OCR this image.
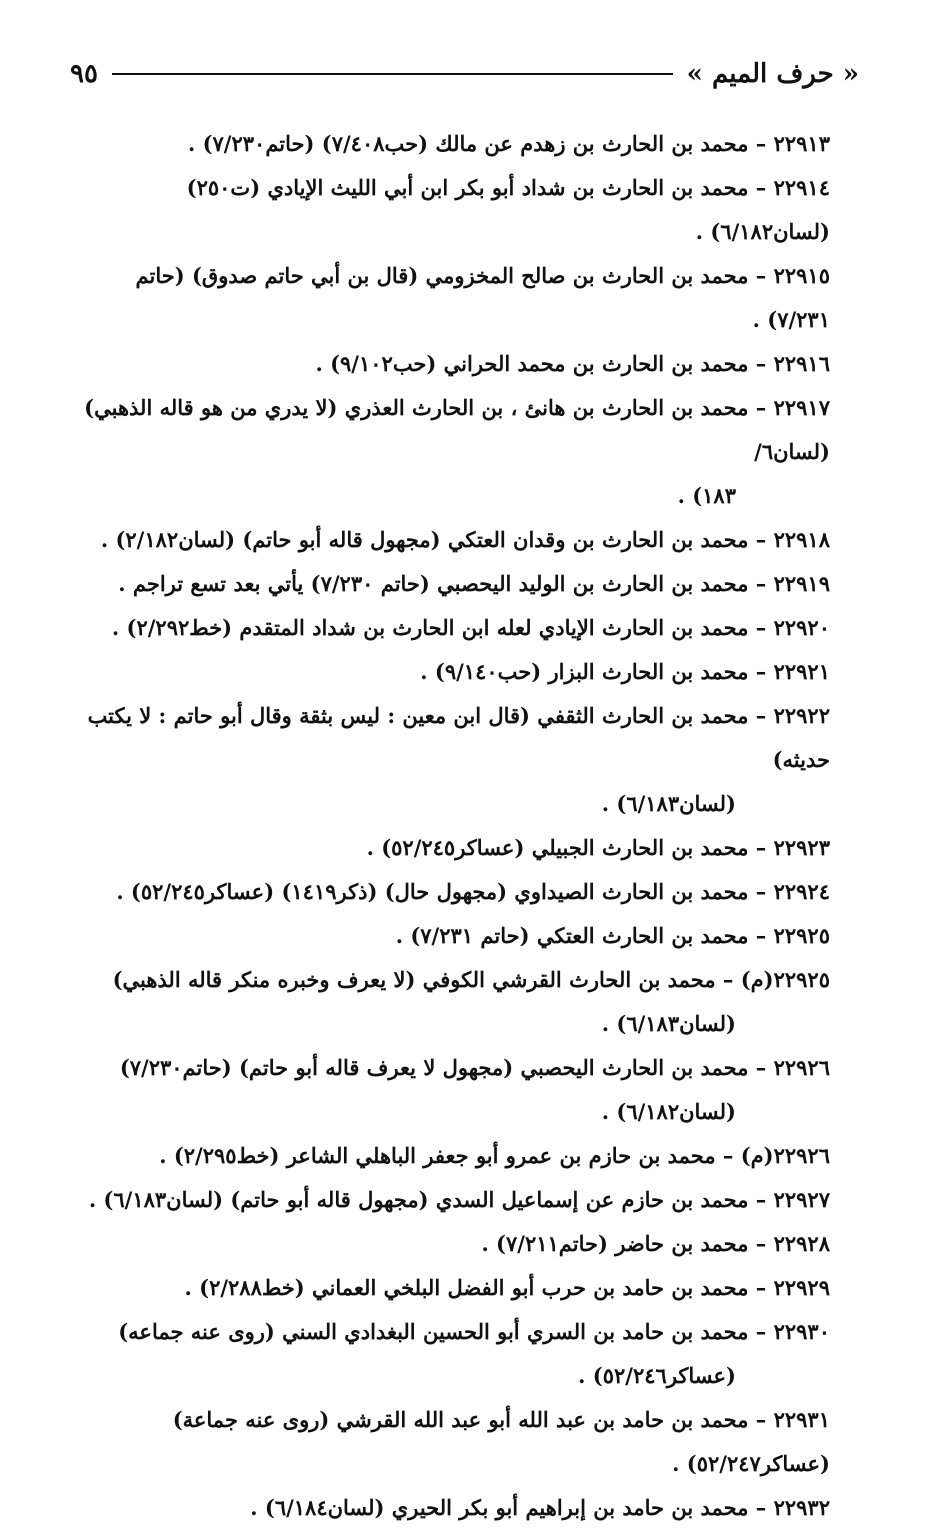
« حرف الميم »
٩٥

٢٢٩١٣ – محمد بن الحارث بن زهدم عن مالك (حب٧/٤٠٨) (حاتم٧/٢٣٠) .

٢٢٩١٤ – محمد بن الحارث بن شداد أبو بكر ابن أبي الليث الإيادي (ت٢٥٠) (لسان٦/١٨٢) .

٢٢٩١٥ – محمد بن الحارث بن صالح المخزومي (قال بن أبي حاتم صدوق) (حاتم ٧/٢٣١) .

٢٢٩١٦ – محمد بن الحارث بن محمد الحراني (حب٩/١٠٢) .

٢٢٩١٧ – محمد بن الحارث بن هانئ ، بن الحارث العذري (لا يدري من هو قاله الذهبي) (لسان٦/
١٨٣) .

٢٢٩١٨ – محمد بن الحارث بن وقدان العتكي (مجهول قاله أبو حاتم) (لسان٢/١٨٢) .

٢٢٩١٩ – محمد بن الحارث بن الوليد اليحصبي (حاتم ٧/٢٣٠) يأتي بعد تسع تراجم .

٢٢٩٢٠ – محمد بن الحارث الإيادي لعله ابن الحارث بن شداد المتقدم (خط٢/٢٩٢) .

٢٢٩٢١ – محمد بن الحارث البزار (حب٩/١٤٠) .

٢٢٩٢٢ – محمد بن الحارث الثقفي (قال ابن معين : ليس بثقة وقال أبو حاتم : لا يكتب حديثه)
(لسان٦/١٨٣) .

٢٢٩٢٣ – محمد بن الحارث الجبيلي (عساكر٥٢/٢٤٥) .

٢٢٩٢٤ – محمد بن الحارث الصيداوي (مجهول حال) (ذكر١٤١٩) (عساكر٥٢/٢٤٥) .

٢٢٩٢٥ – محمد بن الحارث العتكي (حاتم ٧/٢٣١) .

٢٢٩٢٥(م) – محمد بن الحارث القرشي الكوفي (لا يعرف وخبره منكر قاله الذهبي)
(لسان٦/١٨٣) .

٢٢٩٢٦ – محمد بن الحارث اليحصبي (مجهول لا يعرف قاله أبو حاتم) (حاتم٧/٢٣٠)
(لسان٦/١٨٢) .

٢٢٩٢٦(م) – محمد بن حازم بن عمرو أبو جعفر الباهلي الشاعر (خط٢/٢٩٥) .

٢٢٩٢٧ – محمد بن حازم عن إسماعيل السدي (مجهول قاله أبو حاتم) (لسان٦/١٨٣) .

٢٢٩٢٨ – محمد بن حاضر (حاتم٧/٢١١) .

٢٢٩٢٩ – محمد بن حامد بن حرب أبو الفضل البلخي العماني (خط٢/٢٨٨) .

٢٢٩٣٠ – محمد بن حامد بن السري أبو الحسين البغدادي السني (روى عنه جماعه)
(عساكر٥٢/٢٤٦) .

٢٢٩٣١ – محمد بن حامد بن عبد الله أبو عبد الله القرشي (روى عنه جماعة) (عساكر٥٢/٢٤٧) .

٢٢٩٣٢ – محمد بن حامد بن إبراهيم أبو بكر الحيري (لسان٦/١٨٤) .
